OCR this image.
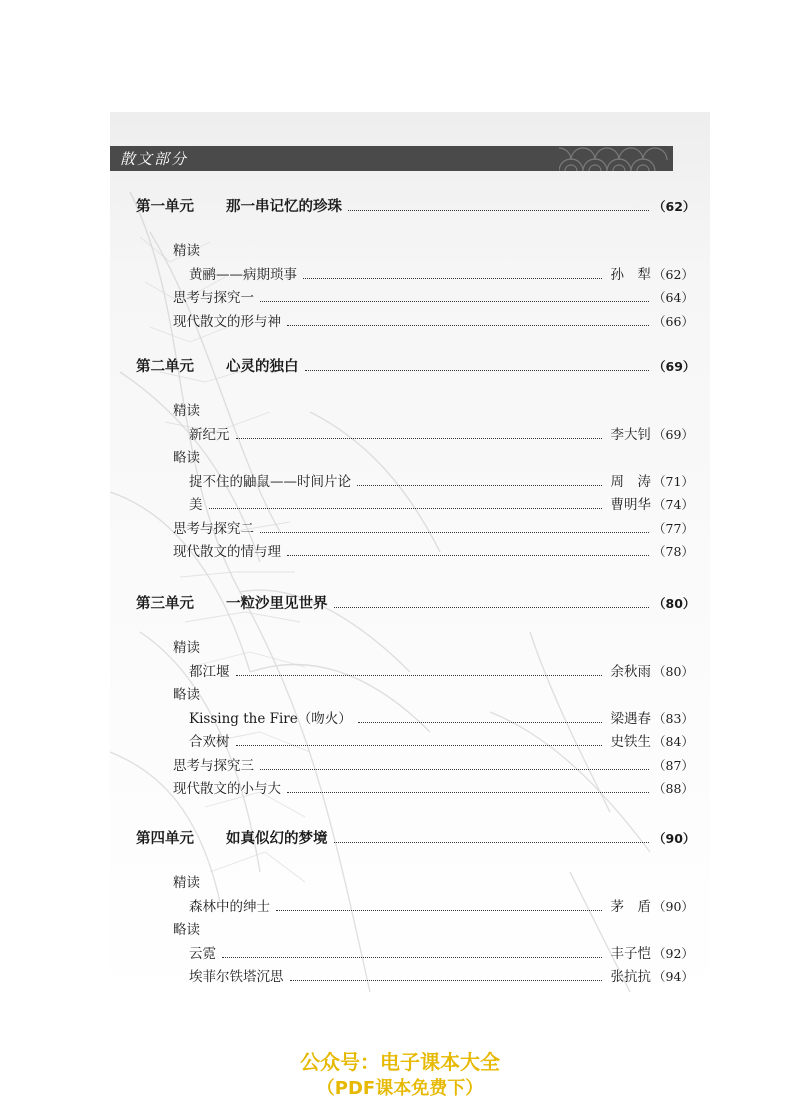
散文部分
第一单元 那一串记忆的珍珠	（62）
精读
黄鹂——病期琐事	孙　犁 （62）
思考与探究一	（64）
现代散文的形与神	（66）
第二单元 心灵的独白	（69）
精读
新纪元	李大钊 （69）
略读
捉不住的鼬鼠——时间片论	周　涛 （71）
美	曹明华 （74）
思考与探究二	（77）
现代散文的情与理	（78）
第三单元 一粒沙里见世界	（80）
精读
都江堰	余秋雨 （80）
略读
Kissing the Fire（吻火）	梁遇春 （83）
合欢树	史铁生 （84）
思考与探究三	（87）
现代散文的小与大	（88）
第四单元 如真似幻的梦境	（90）
精读
森林中的绅士	茅　盾 （90）
略读
云霓	丰子恺 （92）
埃菲尔铁塔沉思	张抗抗 （94）
公众号：电子课本大全
（PDF课本免费下）
